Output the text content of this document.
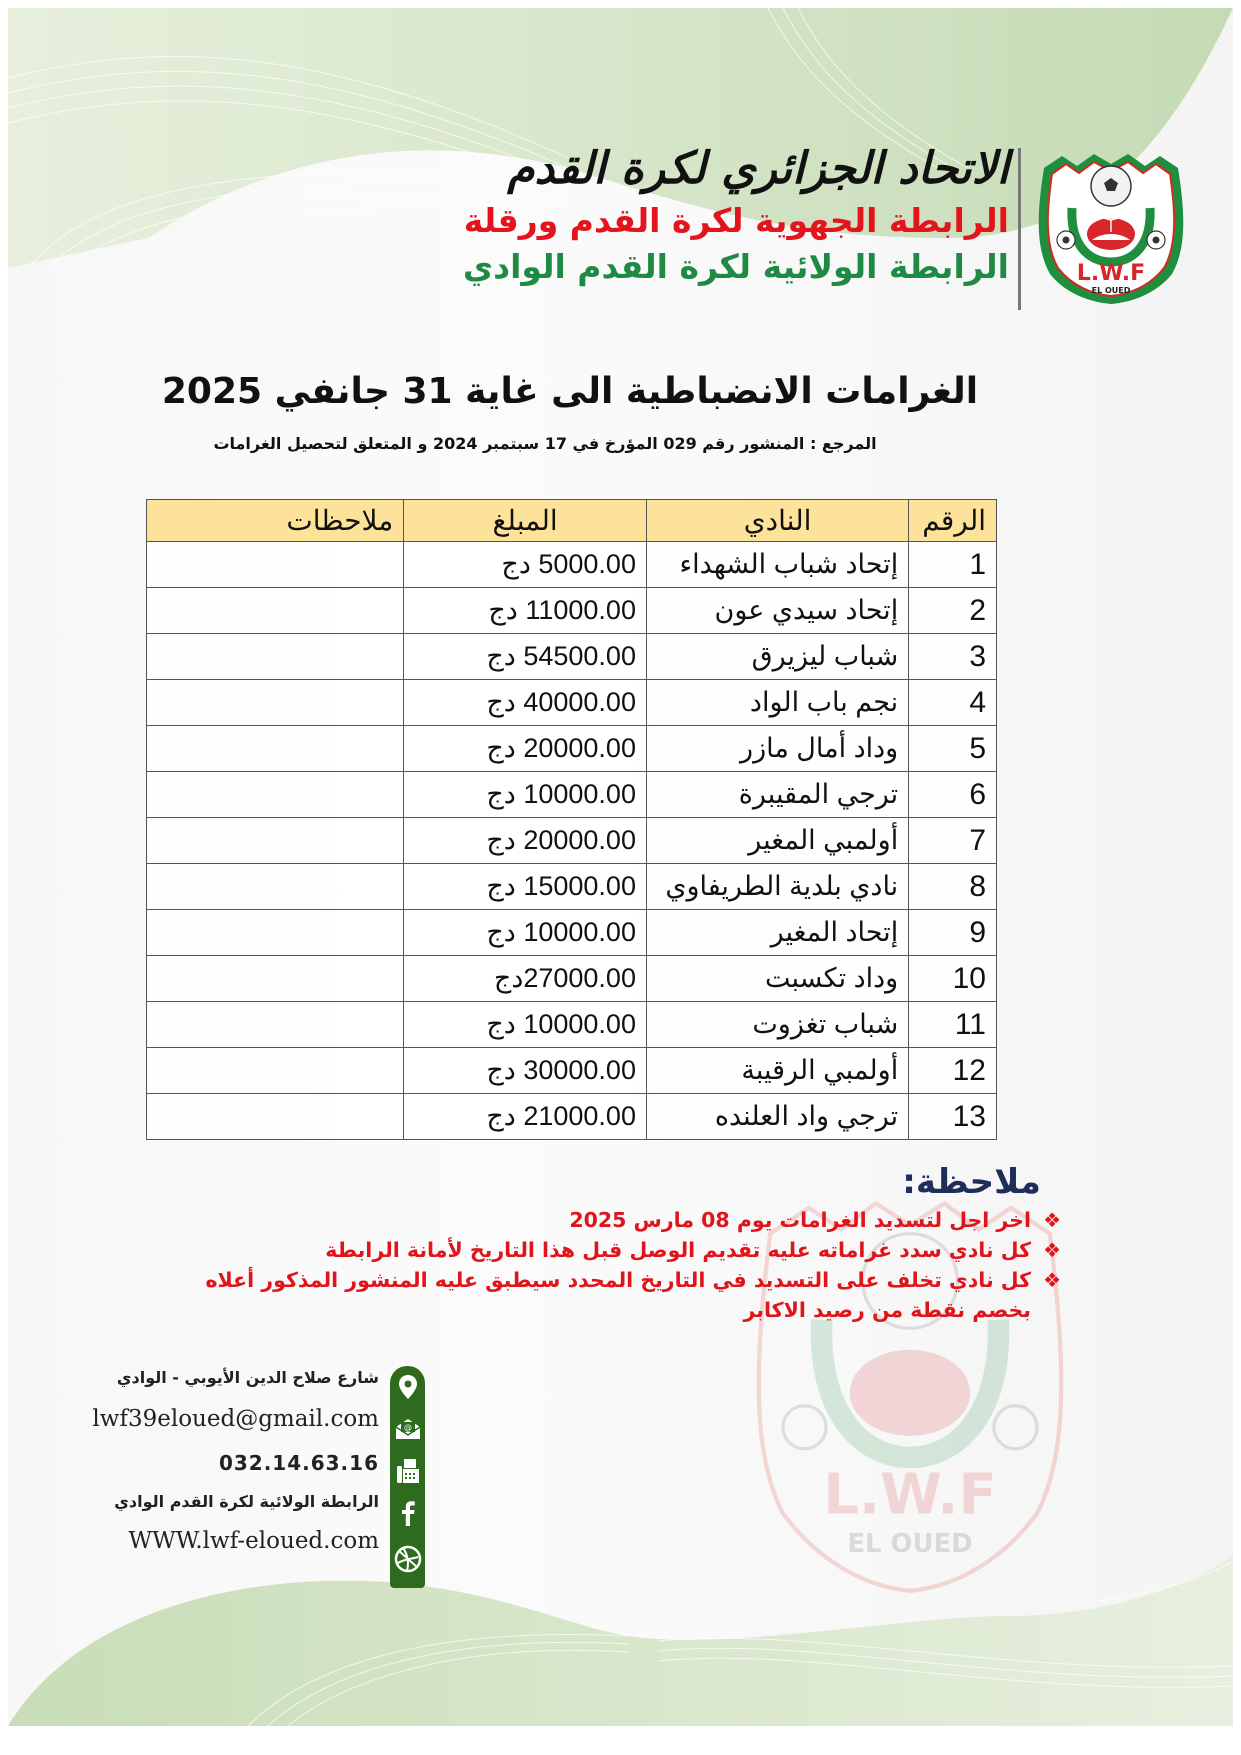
الاتحاد الجزائري لكرة القدم
الرابطة الجهوية لكرة القدم ورقلة
الرابطة الولائية لكرة القدم الوادي	L.W.F
EL OUED
الغرامات الانضباطية الى غاية 31 جانفي 2025
المرجع : المنشور رقم 029 المؤرخ في 17 سبتمبر 2024 و المتعلق لتحصيل الغرامات
الرقم	النادي	المبلغ	ملاحظات
1	إتحاد شباب الشهداء	5000.00 دج	
2	إتحاد سيدي عون	11000.00 دج	
3	شباب ليزيرق	54500.00 دج	
4	نجم باب الواد	40000.00 دج	
5	وداد أمال مازر	20000.00 دج	
6	ترجي المقيبرة	10000.00 دج	
7	أولمبي المغير	20000.00 دج	
8	نادي بلدية الطريفاوي	15000.00 دج	
9	إتحاد المغير	10000.00 دج	
10	وداد تكسبت	27000.00دج	
11	شباب تغزوت	10000.00 دج	
12	أولمبي الرقيبة	30000.00 دج	
13	ترجي واد العلنده	21000.00 دج	
L.W.F
EL OUED
ملاحظة:
❖
اخر اجل لتسديد الغرامات يوم 08 مارس 2025
❖
كل نادي سدد غراماته عليه تقديم الوصل قبل هذا التاريخ لأمانة الرابطة
❖
كل نادي تخلف على التسديد في التاريخ المحدد سيطبق عليه المنشور المذكور أعلاه بخصم نقطة من رصيد الاكابر
@
شارع صلاح الدين الأيوبي - الوادي
lwf39eloued@gmail.com
032.14.63.16
الرابطة الولائية لكرة القدم الوادي
WWW.lwf-eloued.com
